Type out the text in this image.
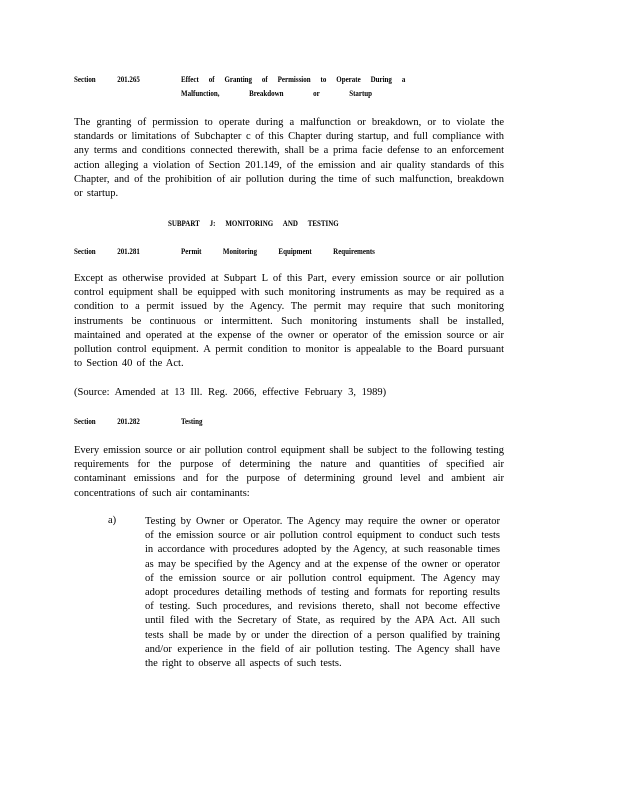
Section	201.265	Effect of Granting of Permission to Operate During a
Malfunction, Breakdown or Startup

The granting of permission to operate during a malfunction or breakdown, or to violate the standards or limitations of Subchapter c of this Chapter during startup, and full compliance with any terms and conditions connected therewith, shall be a prima facie defense to an enforcement action alleging a violation of Section 201.149, of the emission and air quality standards of this Chapter, and of the prohibition of air pollution during the time of such malfunction, breakdown or startup.

SUBPART J: MONITORING AND TESTING
Section	201.281	Permit Monitoring Equipment Requirements

Except as otherwise provided at Subpart L of this Part, every emission source or air pollution control equipment shall be equipped with such monitoring instruments as may be required as a condition to a permit issued by the Agency. The permit may require that such monitoring instruments be continuous or intermittent. Such monitoring instuments shall be installed, maintained and operated at the expense of the owner or operator of the emission source or air pollution control equipment. A permit condition to monitor is appealable to the Board pursuant to Section 40 of the Act.

(Source: Amended at 13 Ill. Reg. 2066, effective February 3, 1989)
Section	201.282	Testing

Every emission source or air pollution control equipment shall be subject to the following testing requirements for the purpose of determining the nature and quantities of specified air contaminant emissions and for the purpose of determining ground level and ambient air concentrations of such air contaminants:

a)	Testing by Owner or Operator. The Agency may require the owner or operator of the emission source or air pollution control equipment to conduct such tests in accordance with procedures adopted by the Agency, at such reasonable times as may be specified by the Agency and at the expense of the owner or operator of the emission source or air pollution control equipment. The Agency may adopt procedures detailing methods of testing and formats for reporting results of testing. Such procedures, and revisions thereto, shall not become effective until filed with the Secretary of State, as required by the APA Act. All such tests shall be made by or under the direction of a person qualified by training and/or experience in the field of air pollution testing. The Agency shall have the right to observe all aspects of such tests.
